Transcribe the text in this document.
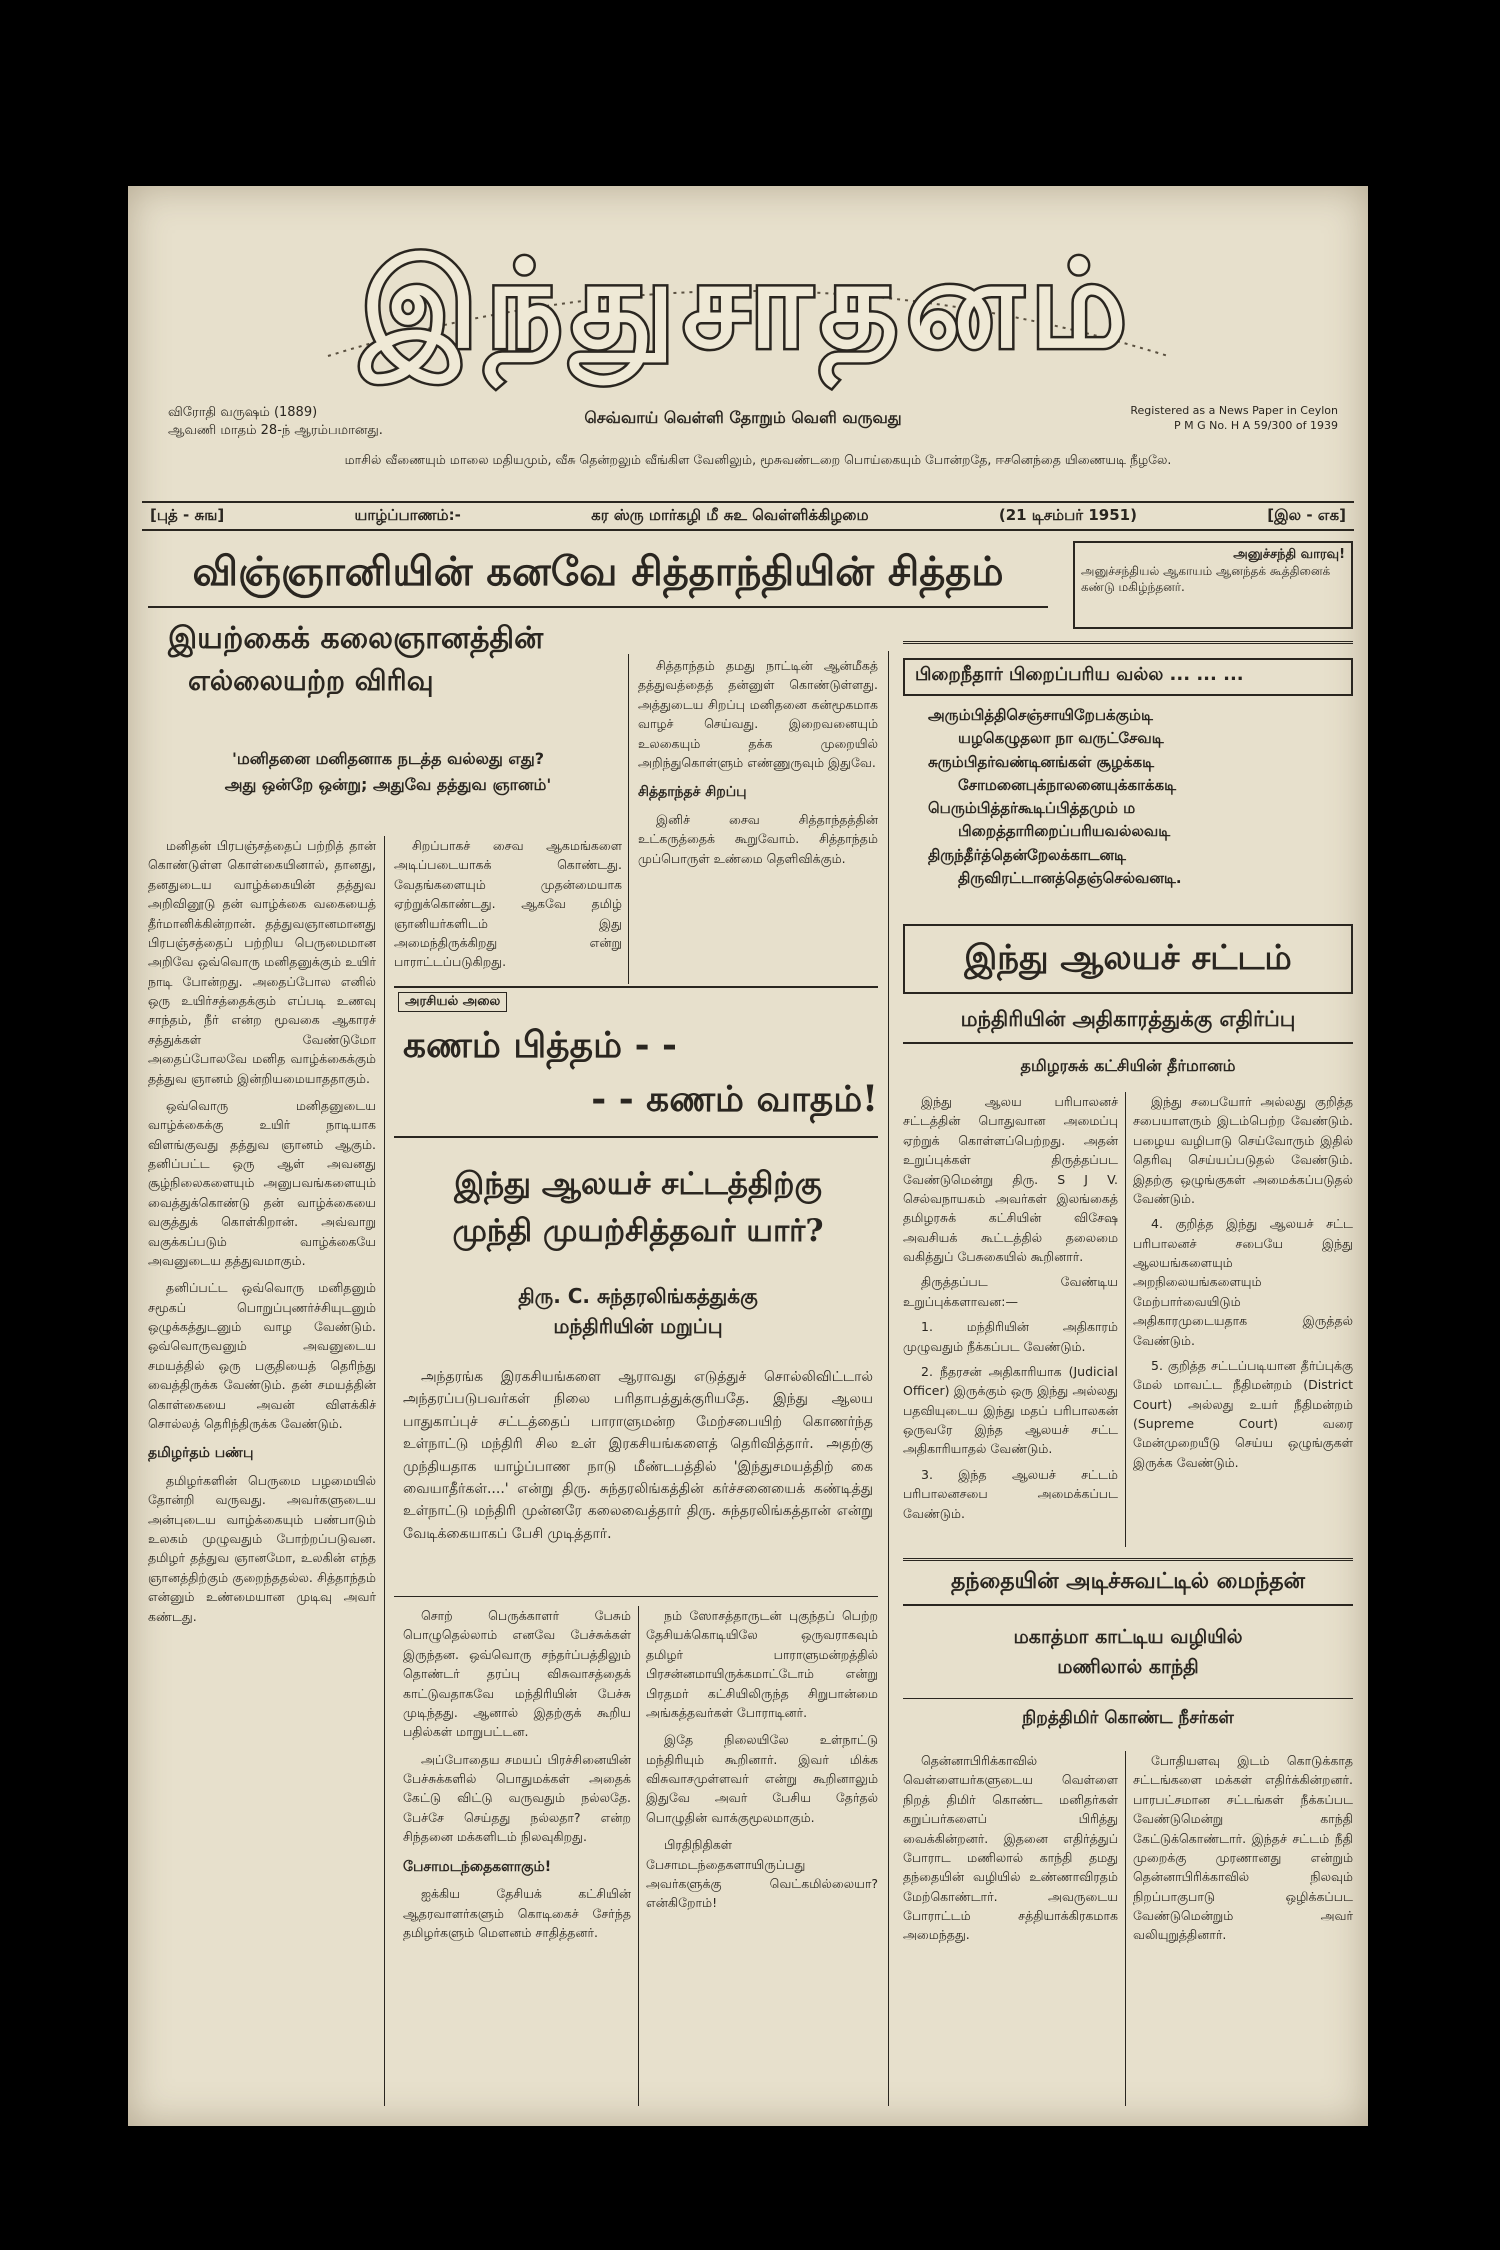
இந்துசாதனம்
விரோதி வருஷம் (1889)
ஆவணி மாதம் 28-ந் ஆரம்பமானது.
செவ்வாய் வெள்ளி தோறும் வெளி வருவது	Registered as a News Paper in Ceylon
P M G No. H A 59/300 of 1939
மாசில் வீணையும் மாலை மதியமும், வீசு தென்றலும் வீங்கிள வேனிலும், மூசுவண்டறை பொய்கையும் போன்றதே, ஈசனெந்தை யிணையடி நீழலே.
[புத் - சுங]	யாழ்ப்பாணம்:-	கர ஸ்ரு மார்கழி மீ சுஉ வெள்ளிக்கிழமை	(21 டிசம்பர் 1951)	[இல - எக]
விஞ்ஞானியின் கனவே சித்தாந்தியின் சித்தம்	அனுச்சந்தி வாரவு!
அனுச்சந்தியல் ஆகாயம் ஆனந்தக் கூத்தினைக் கண்டு மகிழ்ந்தனர்.
இயற்கைக் கலைஞானத்தின்
எல்லையற்ற விரிவு
'மனிதனை மனிதனாக நடத்த வல்லது எது?
அது ஒன்றே ஒன்று; அதுவே தத்துவ ஞானம்'

சித்தாந்தம் தமது நாட்டின் ஆன்மீகத் தத்துவத்தைத் தன்னுள் கொண்டுள்ளது. அத்துடைய சிறப்பு மனிதனை கன்மூகமாக வாழச் செய்வது. இறைவனையும் உலகையும் தக்க முறையில் அறிந்துகொள்ளும் எண்ணுருவும் இதுவே.

சித்தாந்தச் சிறப்பு

இனிச் சைவ சித்தாந்தத்தின் உட்கருத்தைக் கூறுவோம். சித்தாந்தம் முப்பொருள் உண்மை தெளிவிக்கும்.

மனிதன் பிரபஞ்சத்தைப் பற்றித் தான் கொண்டுள்ள கொள்கையினால், தானது, தனதுடைய வாழ்க்கையின் தத்துவ அறிவினூடு தன் வாழ்க்கை வகையைத் தீர்மானிக்கின்றான். தத்துவஞானமானது பிரபஞ்சத்தைப் பற்றிய பெருமைமான அறிவே ஒவ்வொரு மனிதனுக்கும் உயிர் நாடி போன்றது. அதைப்போல எனில் ஒரு உயிர்சத்தைக்கும் எப்படி உணவு சாந்தம், நீர் என்ற மூவகை ஆகாரச் சத்துக்கள் வேண்டுமோ அதைப்போலவே மனித வாழ்க்கைக்கும் தத்துவ ஞானம் இன்றியமையாததாகும்.

ஒவ்வொரு மனிதனுடைய வாழ்க்கைக்கு உயிர் நாடியாக விளங்குவது தத்துவ ஞானம் ஆகும். தனிப்பட்ட ஒரு ஆள் அவனது சூழ்நிலைகளையும் அனுபவங்களையும் வைத்துக்கொண்டு தன் வாழ்க்கையை வகுத்துக் கொள்கிறான். அவ்வாறு வகுக்கப்படும் வாழ்க்கையே அவனுடைய தத்துவமாகும்.

தனிப்பட்ட ஒவ்வொரு மனிதனும் சமூகப் பொறுப்புணர்ச்சியுடனும் ஒழுக்கத்துடனும் வாழ வேண்டும். ஒவ்வொருவனும் அவனுடைய சமயத்தில் ஒரு பகுதியைத் தெரிந்து வைத்திருக்க வேண்டும். தன் சமயத்தின் கொள்கையை அவன் விளக்கிச் சொல்லத் தெரிந்திருக்க வேண்டும்.

தமிழர்தம் பண்பு

தமிழர்களின் பெருமை பழமையில் தோன்றி வருவது. அவர்களுடைய அன்புடைய வாழ்க்கையும் பண்பாடும் உலகம் முழுவதும் போற்றப்படுவன. தமிழர் தத்துவ ஞானமோ, உலகின் எந்த ஞானத்திற்கும் குறைந்ததல்ல. சித்தாந்தம் என்னும் உண்மையான முடிவு அவர் கண்டது.

சிறப்பாகச் சைவ ஆகமங்களை அடிப்படையாகக் கொண்டது. வேதங்களையும் முதன்மையாக ஏற்றுக்கொண்டது. ஆகவே தமிழ் ஞானியர்களிடம் இது அமைந்திருக்கிறது என்று பாராட்டப்படுகிறது.

பிறைநீதார் பிறைப்பரிய வல்ல ... ... ...
அரும்பித்திசெஞ்சாயிறேபக்கும்டி
யழகெழுதலா நா வருட்சேவடி
சுரும்பிதர்வண்டினங்கள் சூழக்கடி
சோமனைபுக்நாலனையுக்காக்கடி
பெரும்பித்தர்கூடிப்பித்தமும் ம
பிறைத்தாரிறைப்பரியவல்லவடி
திருந்தீர்த்தென்றேலக்காடனடி
திருவிரட்டானத்தெஞ்செல்வனடி.
இந்து ஆலயச் சட்டம்
மந்திரியின் அதிகாரத்துக்கு எதிர்ப்பு
தமிழரசுக் கட்சியின் தீர்மானம்

இந்து ஆலய பரிபாலனச் சட்டத்தின் பொதுவான அமைப்பு ஏற்றுக் கொள்ளப்பெற்றது. அதன் உறுப்புக்கள் திருத்தப்பட வேண்டுமென்று திரு. S J V. செல்வநாயகம் அவர்கள் இலங்கைத் தமிழரசுக் கட்சியின் விசேஷ அவசியக் கூட்டத்தில் தலைமை வகித்துப் பேசுகையில் கூறினார்.

திருத்தப்பட வேண்டிய உறுப்புக்களாவன:—

1. மந்திரியின் அதிகாரம் முழுவதும் நீக்கப்பட வேண்டும்.

2. நீதரசன் அதிகாரியாக (Judicial Officer) இருக்கும் ஒரு இந்து அல்லது பதவியுடைய இந்து மதப் பரிபாலகன் ஒருவரே இந்த ஆலயச் சட்ட அதிகாரியாதல் வேண்டும்.

3. இந்த ஆலயச் சட்டம் பரிபாலனசபை அமைக்கப்பட வேண்டும்.

இந்து சபையோர் அல்லது குறித்த சபையாளரும் இடம்பெற்ற வேண்டும். பழைய வழிபாடு செய்வோரும் இதில் தெரிவு செய்யப்படுதல் வேண்டும். இதற்கு ஒழுங்குகள் அமைக்கப்படுதல் வேண்டும்.

4. குறித்த இந்து ஆலயச் சட்ட பரிபாலனச் சபையே இந்து ஆலயங்களையும் அறநிலையங்களையும் மேற்பார்வையிடும் அதிகாரமுடையதாக இருத்தல் வேண்டும்.

5. குறித்த சட்டப்படியான தீர்ப்புக்கு மேல் மாவட்ட நீதிமன்றம் (District Court) அல்லது உயர் நீதிமன்றம் (Supreme Court) வரை மேன்முறையீடு செய்ய ஒழுங்குகள் இருக்க வேண்டும்.

அரசியல் அலை
கணம் பித்தம் - -
- - கணம் வாதம்!
இந்து ஆலயச் சட்டத்திற்கு
முந்தி முயற்சித்தவர் யார்?
திரு. C. சுந்தரலிங்கத்துக்கு
மந்திரியின் மறுப்பு

அந்தரங்க இரகசியங்களை ஆராவது எடுத்துச் சொல்லிவிட்டால் அந்தரப்படுபவர்கள் நிலை பரிதாபத்துக்குரியதே. இந்து ஆலய பாதுகாப்புச் சட்டத்தைப் பாராளுமன்ற மேற்சபையிற் கொணர்ந்த உள்நாட்டு மந்திரி சில உள் இரகசியங்களைத் தெரிவித்தார். அதற்கு முந்தியதாக யாழ்ப்பாண நாடு மீண்டபத்தில் 'இந்துசமயத்திற் கை வையாதீர்கள்....' என்று திரு. சுந்தரலிங்கத்தின் கர்ச்சனையைக் கண்டித்து உள்நாட்டு மந்திரி முன்னரே கலைவைத்தார் திரு. சுந்தரலிங்கத்தான் என்று வேடிக்கையாகப் பேசி முடித்தார்.

சொற் பெருக்காளர் பேசும் பொழுதெல்லாம் எனவே பேச்சுக்கள் இருந்தன. ஒவ்வொரு சந்தர்ப்பத்திலும் தொண்டர் தரப்பு விசுவாசத்தைக் காட்டுவதாகவே மந்திரியின் பேச்சு முடிந்தது. ஆனால் இதற்குக் கூறிய பதில்கள் மாறுபட்டன.

அப்போதைய சமயப் பிரச்சினையின் பேச்சுக்களில் பொதுமக்கள் அதைக் கேட்டு விட்டு வருவதும் நல்லதே. பேச்சே செய்தது நல்லதா? என்ற சிந்தனை மக்களிடம் நிலவுகிறது.

பேசாமடந்தைகளாகும்!

ஐக்கிய தேசியக் கட்சியின் ஆதரவாளர்களும் கொடிகைச் சேர்ந்த தமிழர்களும் மௌனம் சாதித்தனர்.

நம் ஸோசத்தாருடன் புகுந்தப் பெற்ற தேசியக்கொடியிலே ஒருவராகவும் தமிழர் பாராளுமன்றத்தில் பிரசன்னமாயிருக்கமாட்டோம் என்று பிரதமர் கட்சியிலிருந்த சிறுபான்மை அங்கத்தவர்கள் போராடினர்.

இதே நிலையிலே உள்நாட்டு மந்திரியும் கூறினார். இவர் மிக்க விசுவாசமுள்ளவர் என்று கூறினாலும் இதுவே அவர் பேசிய தேர்தல் பொழுதின் வாக்குமூலமாகும்.

பிரதிநிதிகள் பேசாமடந்தைகளாயிருப்பது அவர்களுக்கு வெட்கமில்லையா? என்கிறோம்!

தந்தையின் அடிச்சுவட்டில் மைந்தன்
மகாத்மா காட்டிய வழியில்
மணிலால் காந்தி
நிறத்திமிர் கொண்ட நீசர்கள்

தென்னாபிரிக்காவில் வெள்ளையர்களுடைய வெள்ளை நிறத் திமிர் கொண்ட மனிதர்கள் கறுப்பர்களைப் பிரித்து வைக்கின்றனர். இதனை எதிர்த்துப் போராட மணிலால் காந்தி தமது தந்தையின் வழியில் உண்ணாவிரதம் மேற்கொண்டார். அவருடைய போராட்டம் சத்தியாக்கிரகமாக அமைந்தது.

போதியளவு இடம் கொடுக்காத சட்டங்களை மக்கள் எதிர்க்கின்றனர். பாரபட்சமான சட்டங்கள் நீக்கப்பட வேண்டுமென்று காந்தி கேட்டுக்கொண்டார். இந்தச் சட்டம் நீதி முறைக்கு முரணானது என்றும் தென்னாபிரிக்காவில் நிலவும் நிறப்பாகுபாடு ஒழிக்கப்பட வேண்டுமென்றும் அவர் வலியுறுத்தினார்.
